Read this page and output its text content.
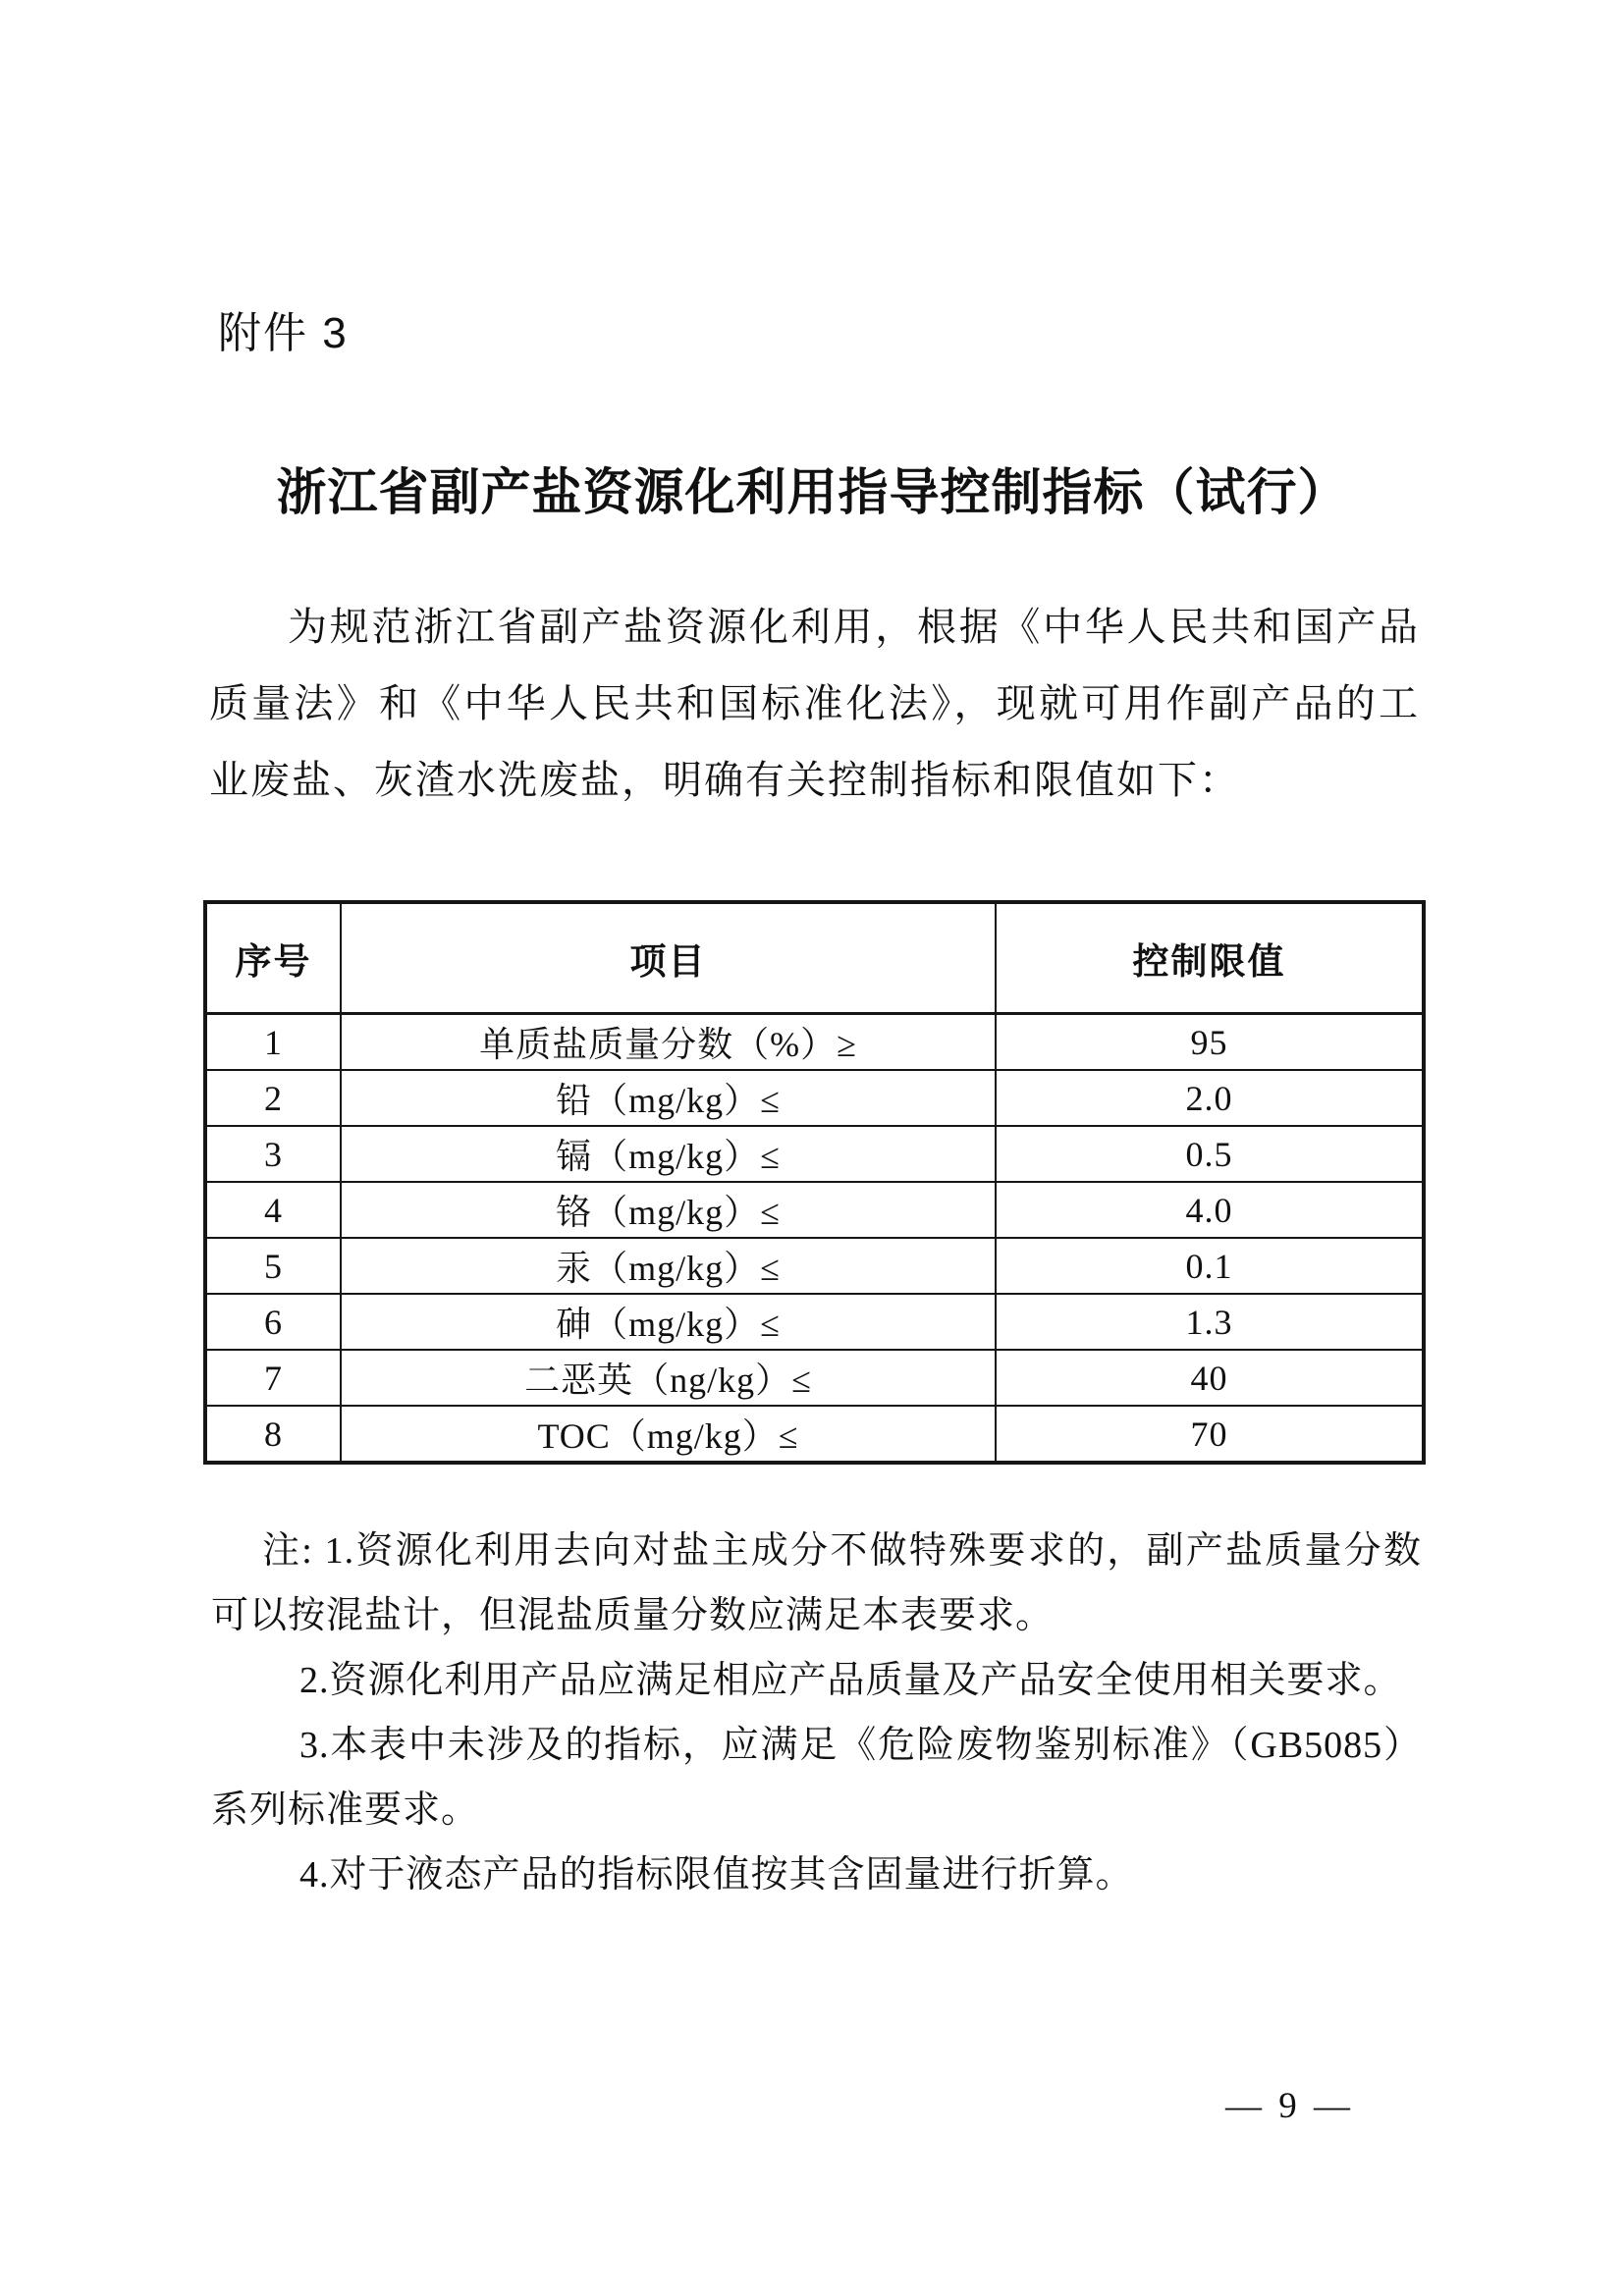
附件 3
浙江省副产盐资源化利用指导控制指标（试行）

为规范浙江省副产盐资源化利用，根据《中华人民共和国产品质量法》和《中华人民共和国标准化法》，现就可用作副产品的工业废盐、灰渣水洗废盐，明确有关控制指标和限值如下：

序号	项目	控制限值
1	单质盐质量分数（%）≥	95
2	铅（mg/kg）≤	2.0
3	镉（mg/kg）≤	0.5
4	铬（mg/kg）≤	4.0
5	汞（mg/kg）≤	0.1
6	砷（mg/kg）≤	1.3
7	二恶英（ng/kg）≤	40
8	TOC（mg/kg）≤	70

注: 1.资源化利用去向对盐主成分不做特殊要求的，副产盐质量分数可以按混盐计，但混盐质量分数应满足本表要求。

2.资源化利用产品应满足相应产品质量及产品安全使用相关要求。

3.本表中未涉及的指标，应满足《危险废物鉴别标准》（GB5085）系列标准要求。

4.对于液态产品的指标限值按其含固量进行折算。

— 9 —
